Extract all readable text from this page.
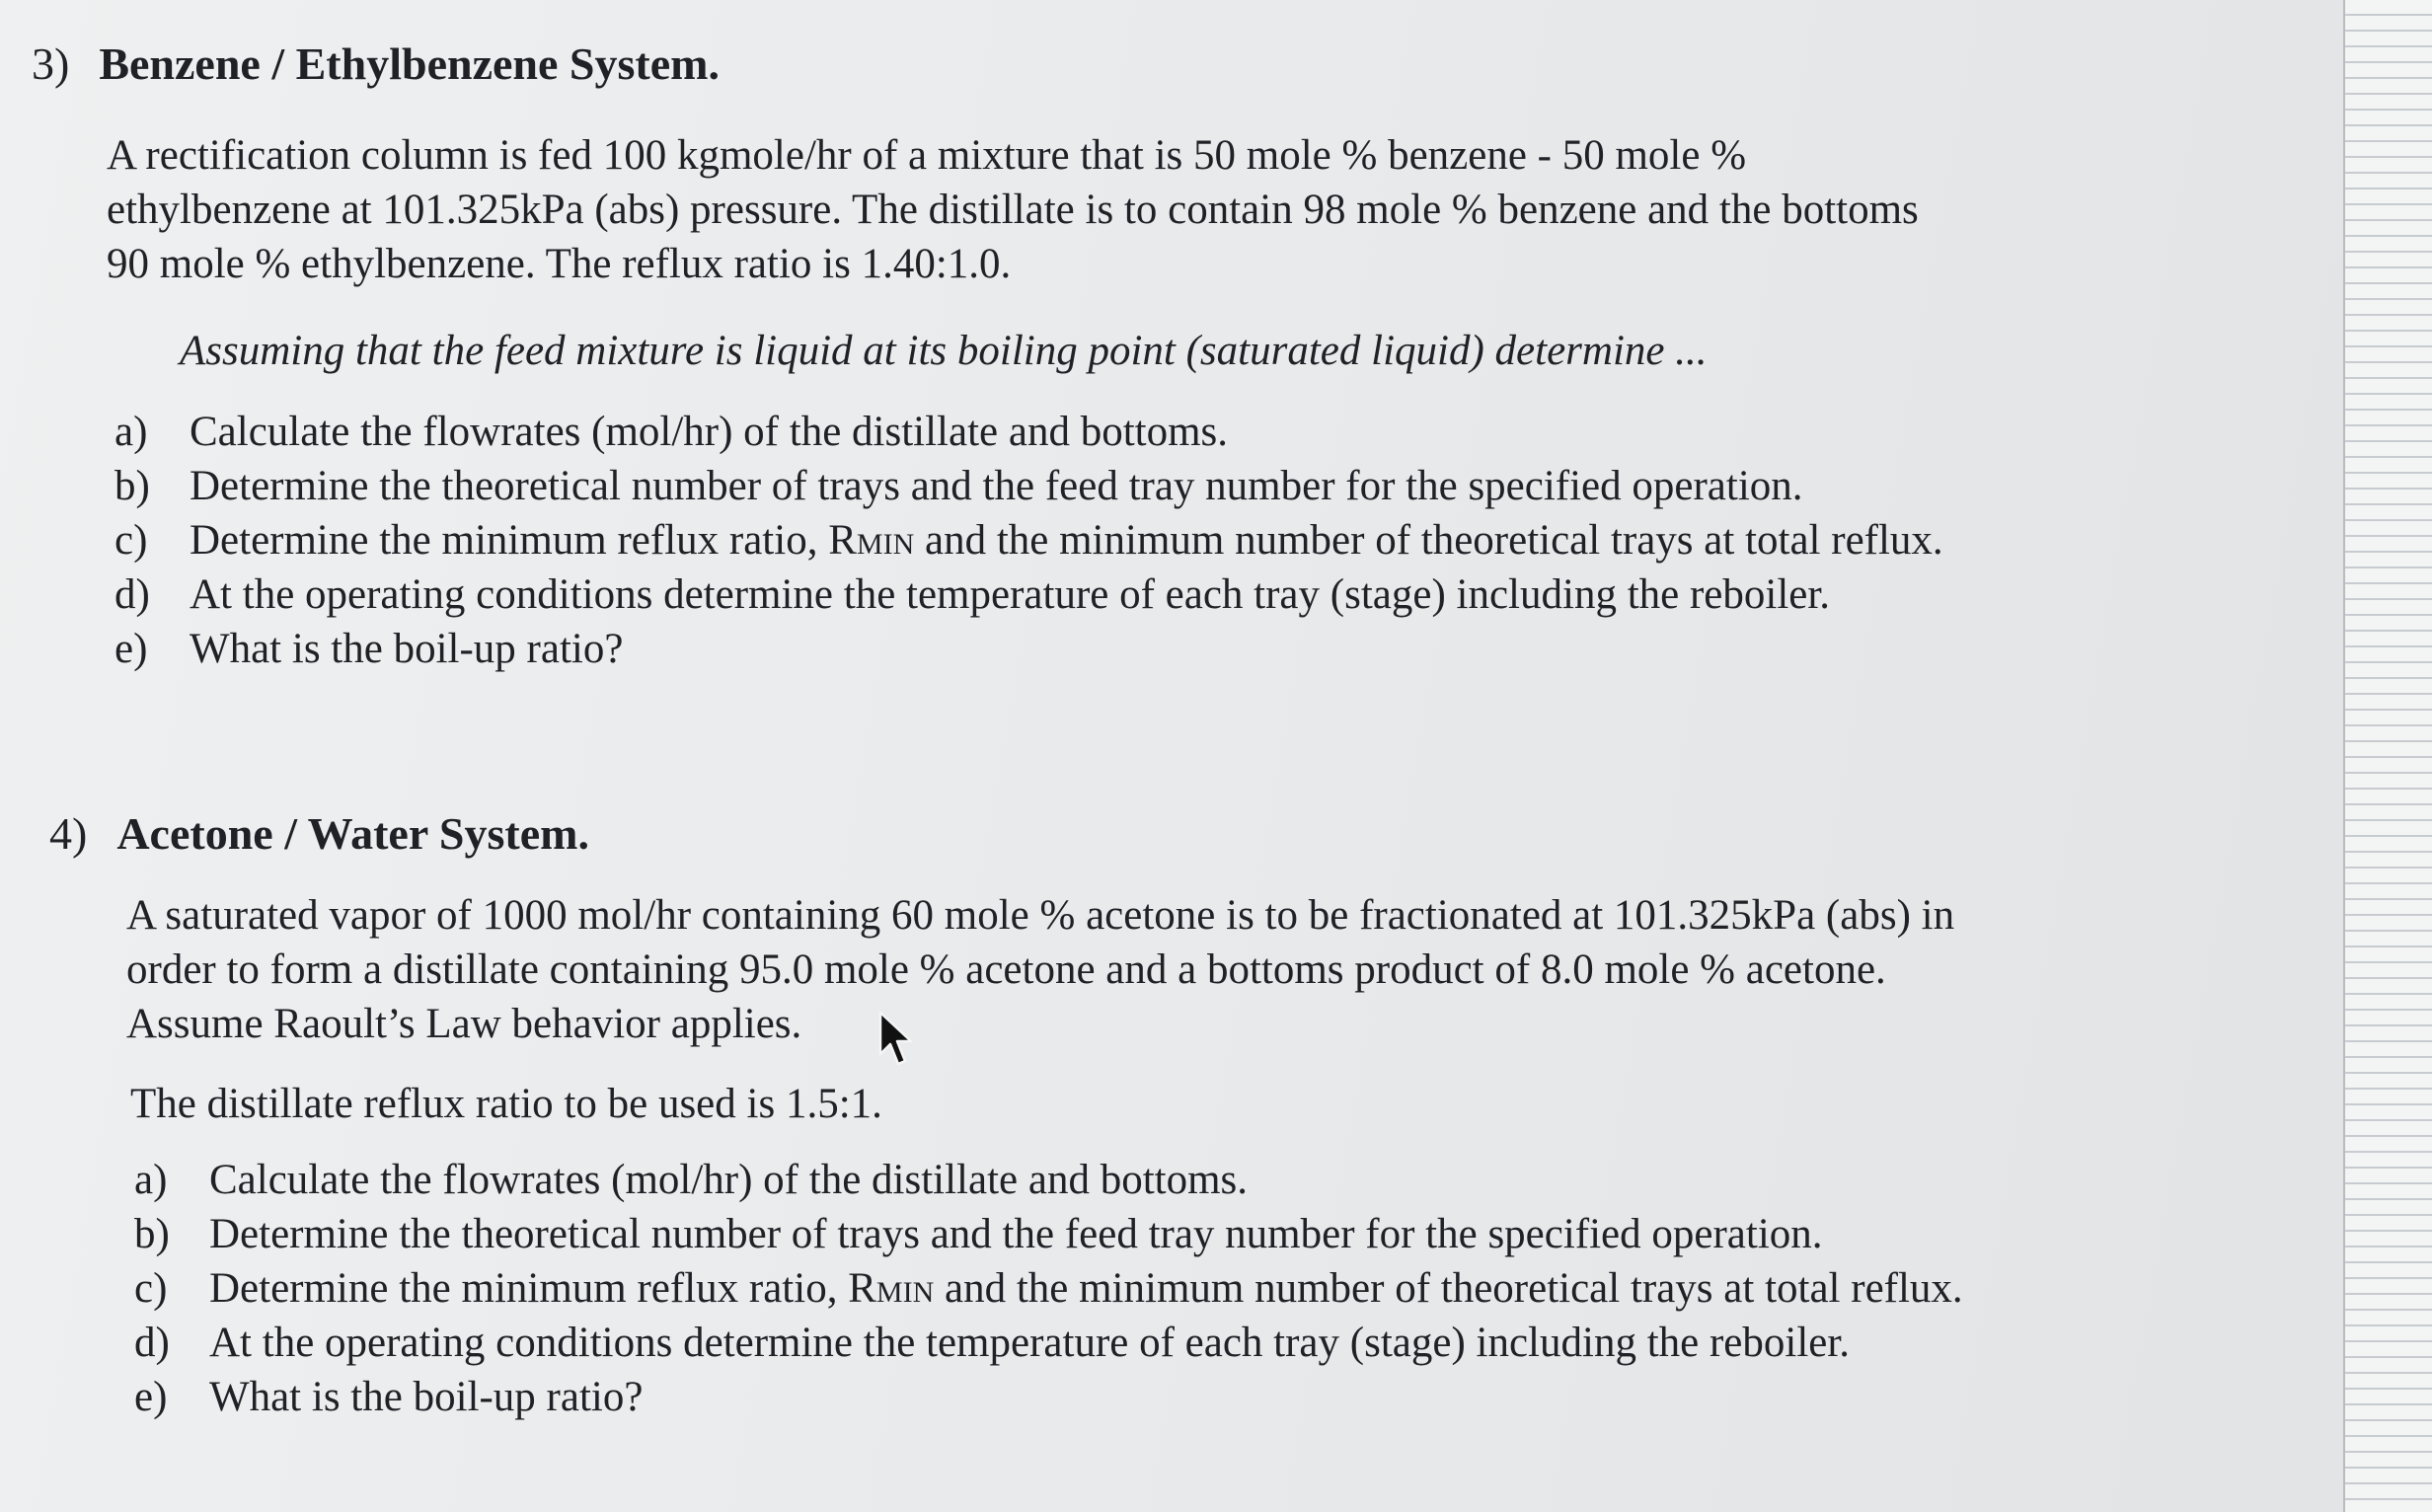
3) Benzene / Ethylbenzene System.
A rectification column is fed 100 kgmole/hr of a mixture that is 50 mole % benzene - 50 mole %
ethylbenzene at 101.325kPa (abs) pressure. The distillate is to contain 98 mole % benzene and the bottoms
90 mole % ethylbenzene. The reflux ratio is 1.40:1.0.
Assuming that the feed mixture is liquid at its boiling point (saturated liquid) determine ...
a) Calculate the flowrates (mol/hr) of the distillate and bottoms.
b) Determine the theoretical number of trays and the feed tray number for the specified operation.
c) Determine the minimum reflux ratio, Rmin and the minimum number of theoretical trays at total reflux.
d) At the operating conditions determine the temperature of each tray (stage) including the reboiler.
e) What is the boil-up ratio?
4) Acetone / Water System.
A saturated vapor of 1000 mol/hr containing 60 mole % acetone is to be fractionated at 101.325kPa (abs) in
order to form a distillate containing 95.0 mole % acetone and a bottoms product of 8.0 mole % acetone.
Assume Raoult’s Law behavior applies.
The distillate reflux ratio to be used is 1.5:1.
a) Calculate the flowrates (mol/hr) of the distillate and bottoms.
b) Determine the theoretical number of trays and the feed tray number for the specified operation.
c) Determine the minimum reflux ratio, Rmin and the minimum number of theoretical trays at total reflux.
d) At the operating conditions determine the temperature of each tray (stage) including the reboiler.
e) What is the boil-up ratio?
